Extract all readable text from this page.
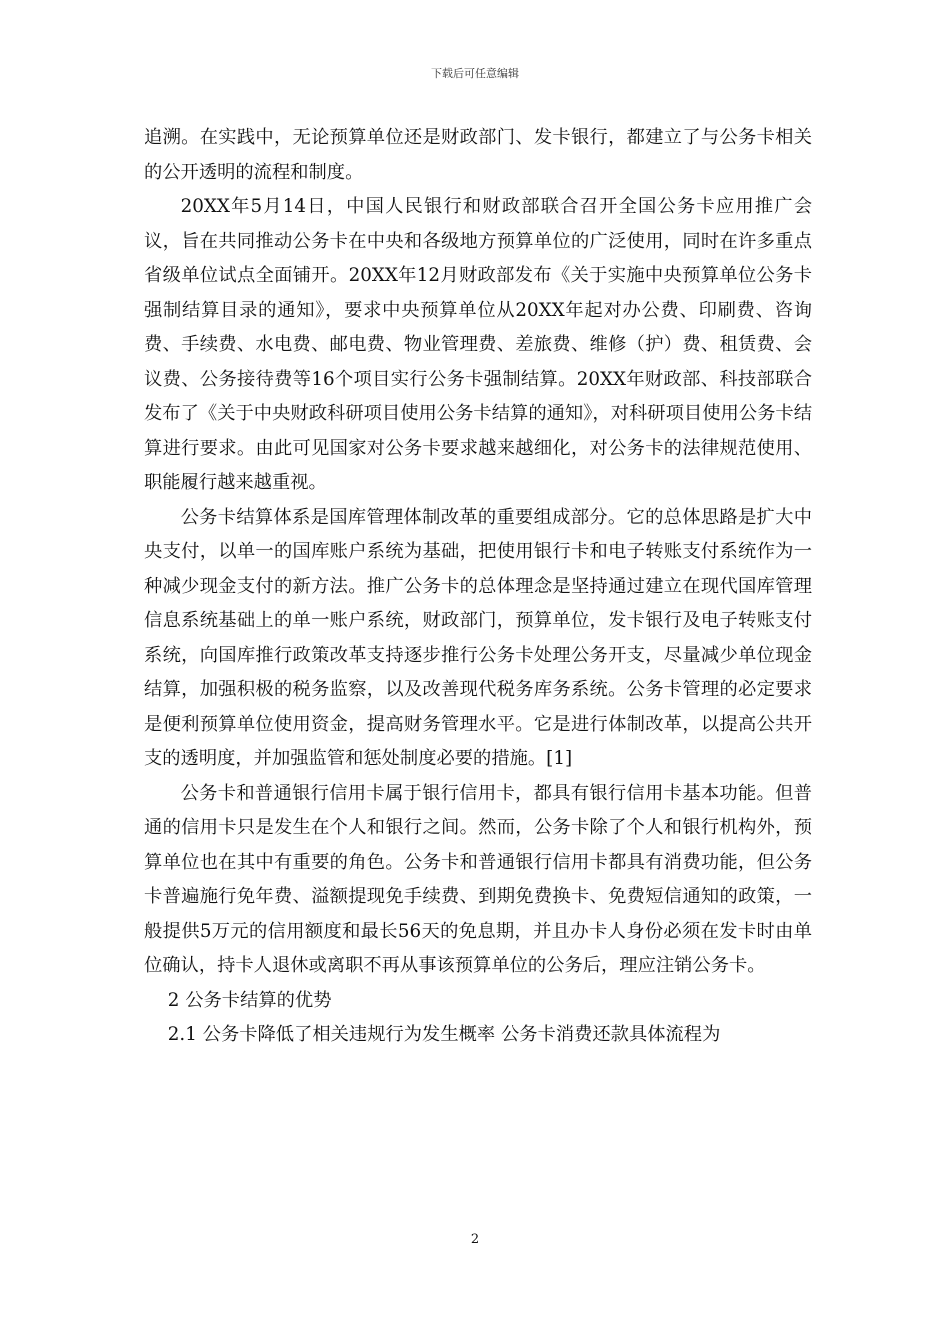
下载后可任意编辑

追溯。在实践中，无论预算单位还是财政部门、发卡银行，都建立了与公务卡相关的公开透明的流程和制度。

20XX年5月14日，中国人民银行和财政部联合召开全国公务卡应用推广会议，旨在共同推动公务卡在中央和各级地方预算单位的广泛使用，同时在许多重点省级单位试点全面铺开。20XX年12月财政部发布《关于实施中央预算单位公务卡强制结算目录的通知》，要求中央预算单位从20XX年起对办公费、印刷费、咨询费、手续费、水电费、邮电费、物业管理费、差旅费、维修（护）费、租赁费、会议费、公务接待费等16个项目实行公务卡强制结算。20XX年财政部、科技部联合发布了《关于中央财政科研项目使用公务卡结算的通知》，对科研项目使用公务卡结算进行要求。由此可见国家对公务卡要求越来越细化，对公务卡的法律规范使用、职能履行越来越重视。

公务卡结算体系是国库管理体制改革的重要组成部分。它的总体思路是扩大中央支付，以单一的国库账户系统为基础，把使用银行卡和电子转账支付系统作为一种减少现金支付的新方法。推广公务卡的总体理念是坚持通过建立在现代国库管理信息系统基础上的单一账户系统，财政部门，预算单位，发卡银行及电子转账支付系统，向国库推行政策改革支持逐步推行公务卡处理公务开支，尽量减少单位现金结算，加强积极的税务监察，以及改善现代税务库务系统。公务卡管理的必定要求是便利预算单位使用资金，提高财务管理水平。它是进行体制改革，以提高公共开支的透明度，并加强监管和惩处制度必要的措施。[1]

公务卡和普通银行信用卡属于银行信用卡，都具有银行信用卡基本功能。但普通的信用卡只是发生在个人和银行之间。然而，公务卡除了个人和银行机构外，预算单位也在其中有重要的角色。公务卡和普通银行信用卡都具有消费功能，但公务卡普遍施行免年费、溢额提现免手续费、到期免费换卡、免费短信通知的政策，一般提供5万元的信用额度和最长56天的免息期，并且办卡人身份必须在发卡时由单位确认，持卡人退休或离职不再从事该预算单位的公务后，理应注销公务卡。

2 公务卡结算的优势

2.1 公务卡降低了相关违规行为发生概率 公务卡消费还款具体流程为

2
